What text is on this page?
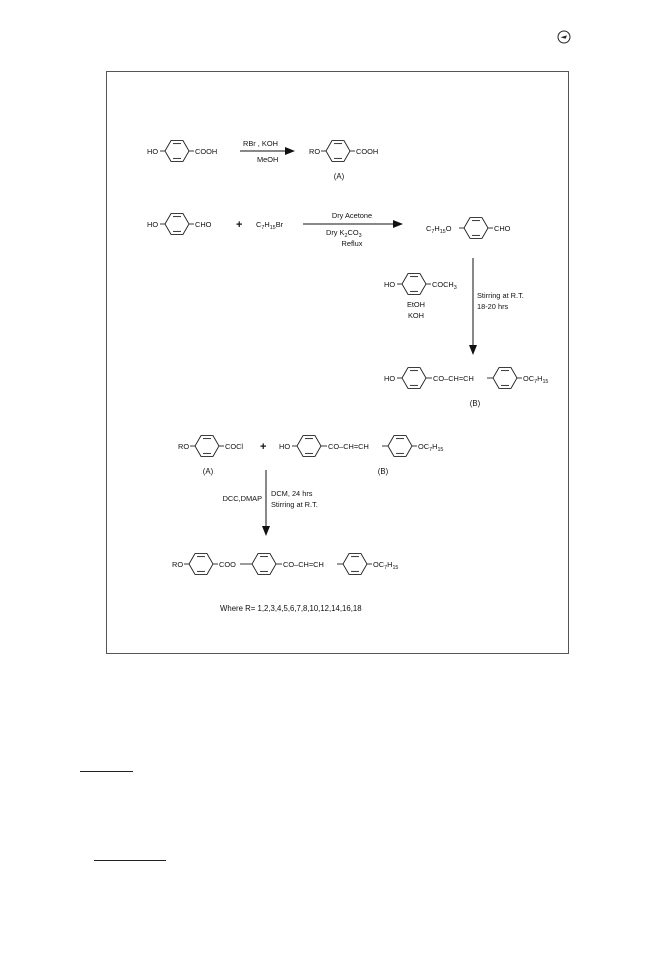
HO	COOH
RBr , KOH
MeOH
RO	COOH
(A)
HO	CHO + $C_7H_{15}Br$
Dry Acetone
Dry $K_2CO_3$
Reflux
$C_7H_{15}O$	CHO
HO	$COCH_3$
EtOH
KOH
Stirring at R.T.
18-20 hrs
HO	CO–CH=CH	$OC_7H_{15}$
(B)
RO	COCl
(A)
+ HO	CO–CH=CH	$OC_7H_{15}$
(B)
DCC,DMAP
DCM, 24 hrs
Stirring at R.T.
RO	COO	CO–CH=CH	$OC_7H_{15}$
Where R= 1,2,3,4,5,6,7,8,10,12,14,16,18
